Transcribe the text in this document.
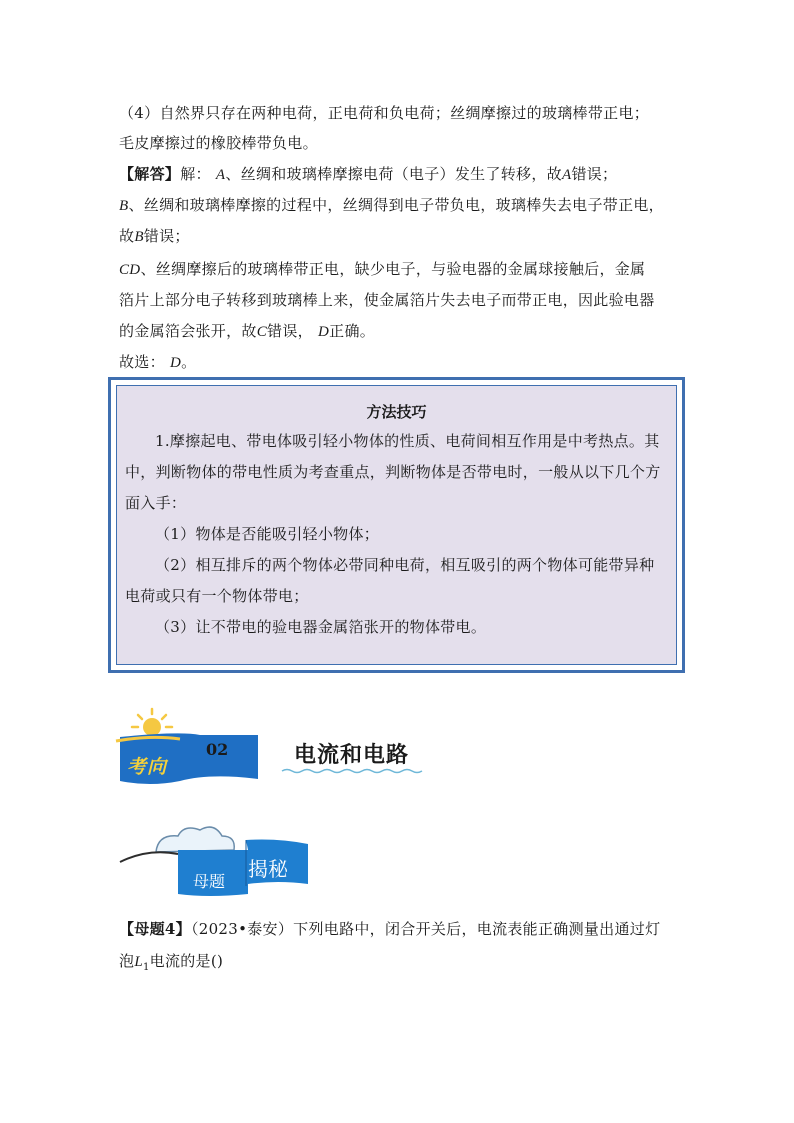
（4）自然界只存在两种电荷，正电荷和负电荷；丝绸摩擦过的玻璃棒带正电；
毛皮摩擦过的橡胶棒带负电。
【解答】解： A、丝绸和玻璃棒摩擦电荷（电子）发生了转移，故A错误；
B、丝绸和玻璃棒摩擦的过程中，丝绸得到电子带负电，玻璃棒失去电子带正电，
故B错误；
CD、丝绸摩擦后的玻璃棒带正电，缺少电子，与验电器的金属球接触后，金属
箔片上部分电子转移到玻璃棒上来，使金属箔片失去电子而带正电，因此验电器
的金属箔会张开，故C错误， D正确。
故选： D。
方法技巧
1.摩擦起电、带电体吸引轻小物体的性质、电荷间相互作用是中考热点。其
中，判断物体的带电性质为考查重点，判断物体是否带电时，一般从以下几个方
面入手：
（1）物体是否能吸引轻小物体；
（2）相互排斥的两个物体必带同种电荷，相互吸引的两个物体可能带异种
电荷或只有一个物体带电；
（3）让不带电的验电器金属箔张开的物体带电。
考向
02	电流和电路
母题
揭秘
【母题4】（2023•泰安）下列电路中，闭合开关后，电流表能正确测量出通过灯
泡$L_1$电流的是()
